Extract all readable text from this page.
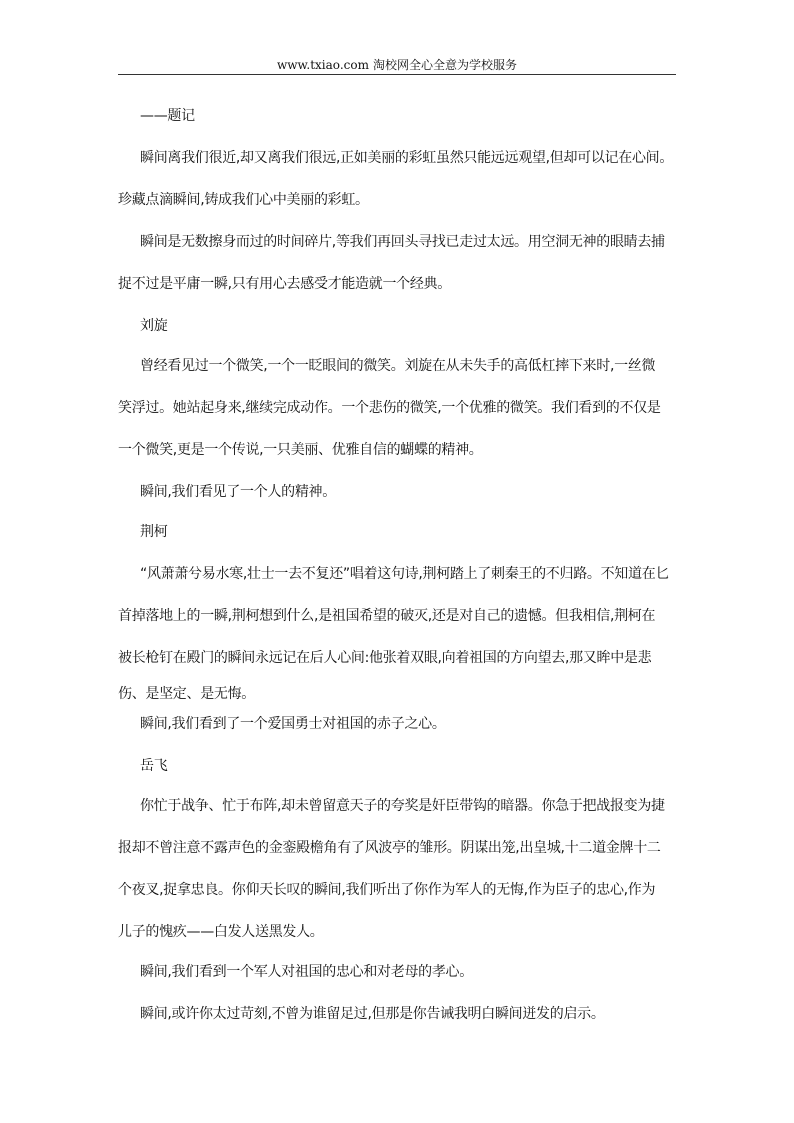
www.txiao.com 淘校网全心全意为学校服务
——题记
瞬间离我们很近,却又离我们很远,正如美丽的彩虹虽然只能远远观望,但却可以记在心间。
珍藏点滴瞬间,铸成我们心中美丽的彩虹。
瞬间是无数擦身而过的时间碎片,等我们再回头寻找已走过太远。用空洞无神的眼睛去捕
捉不过是平庸一瞬,只有用心去感受才能造就一个经典。
刘旋
曾经看见过一个微笑,一个一眨眼间的微笑。刘旋在从未失手的高低杠摔下来时,一丝微
笑浮过。她站起身来,继续完成动作。一个悲伤的微笑,一个优雅的微笑。我们看到的不仅是
一个微笑,更是一个传说,一只美丽、优雅自信的蝴蝶的精神。
瞬间,我们看见了一个人的精神。
荆柯
“风萧萧兮易水寒,壮士一去不复还”唱着这句诗,荆柯踏上了刺秦王的不归路。不知道在匕
首掉落地上的一瞬,荆柯想到什么,是祖国希望的破灭,还是对自己的遗憾。但我相信,荆柯在
被长枪钉在殿门的瞬间永远记在后人心间:他张着双眼,向着祖国的方向望去,那又眸中是悲
伤、是坚定、是无悔。
瞬间,我们看到了一个爱国勇士对祖国的赤子之心。
岳飞
你忙于战争、忙于布阵,却未曾留意天子的夸奖是奸臣带钩的暗器。你急于把战报变为捷
报却不曾注意不露声色的金銮殿檐角有了风波亭的雏形。阴谋出笼,出皇城,十二道金牌十二
个夜叉,捉拿忠良。你仰天长叹的瞬间,我们听出了你作为军人的无悔,作为臣子的忠心,作为
儿子的愧疚——白发人送黑发人。
瞬间,我们看到一个军人对祖国的忠心和对老母的孝心。
瞬间,或许你太过苛刻,不曾为谁留足过,但那是你告诫我明白瞬间迸发的启示。
